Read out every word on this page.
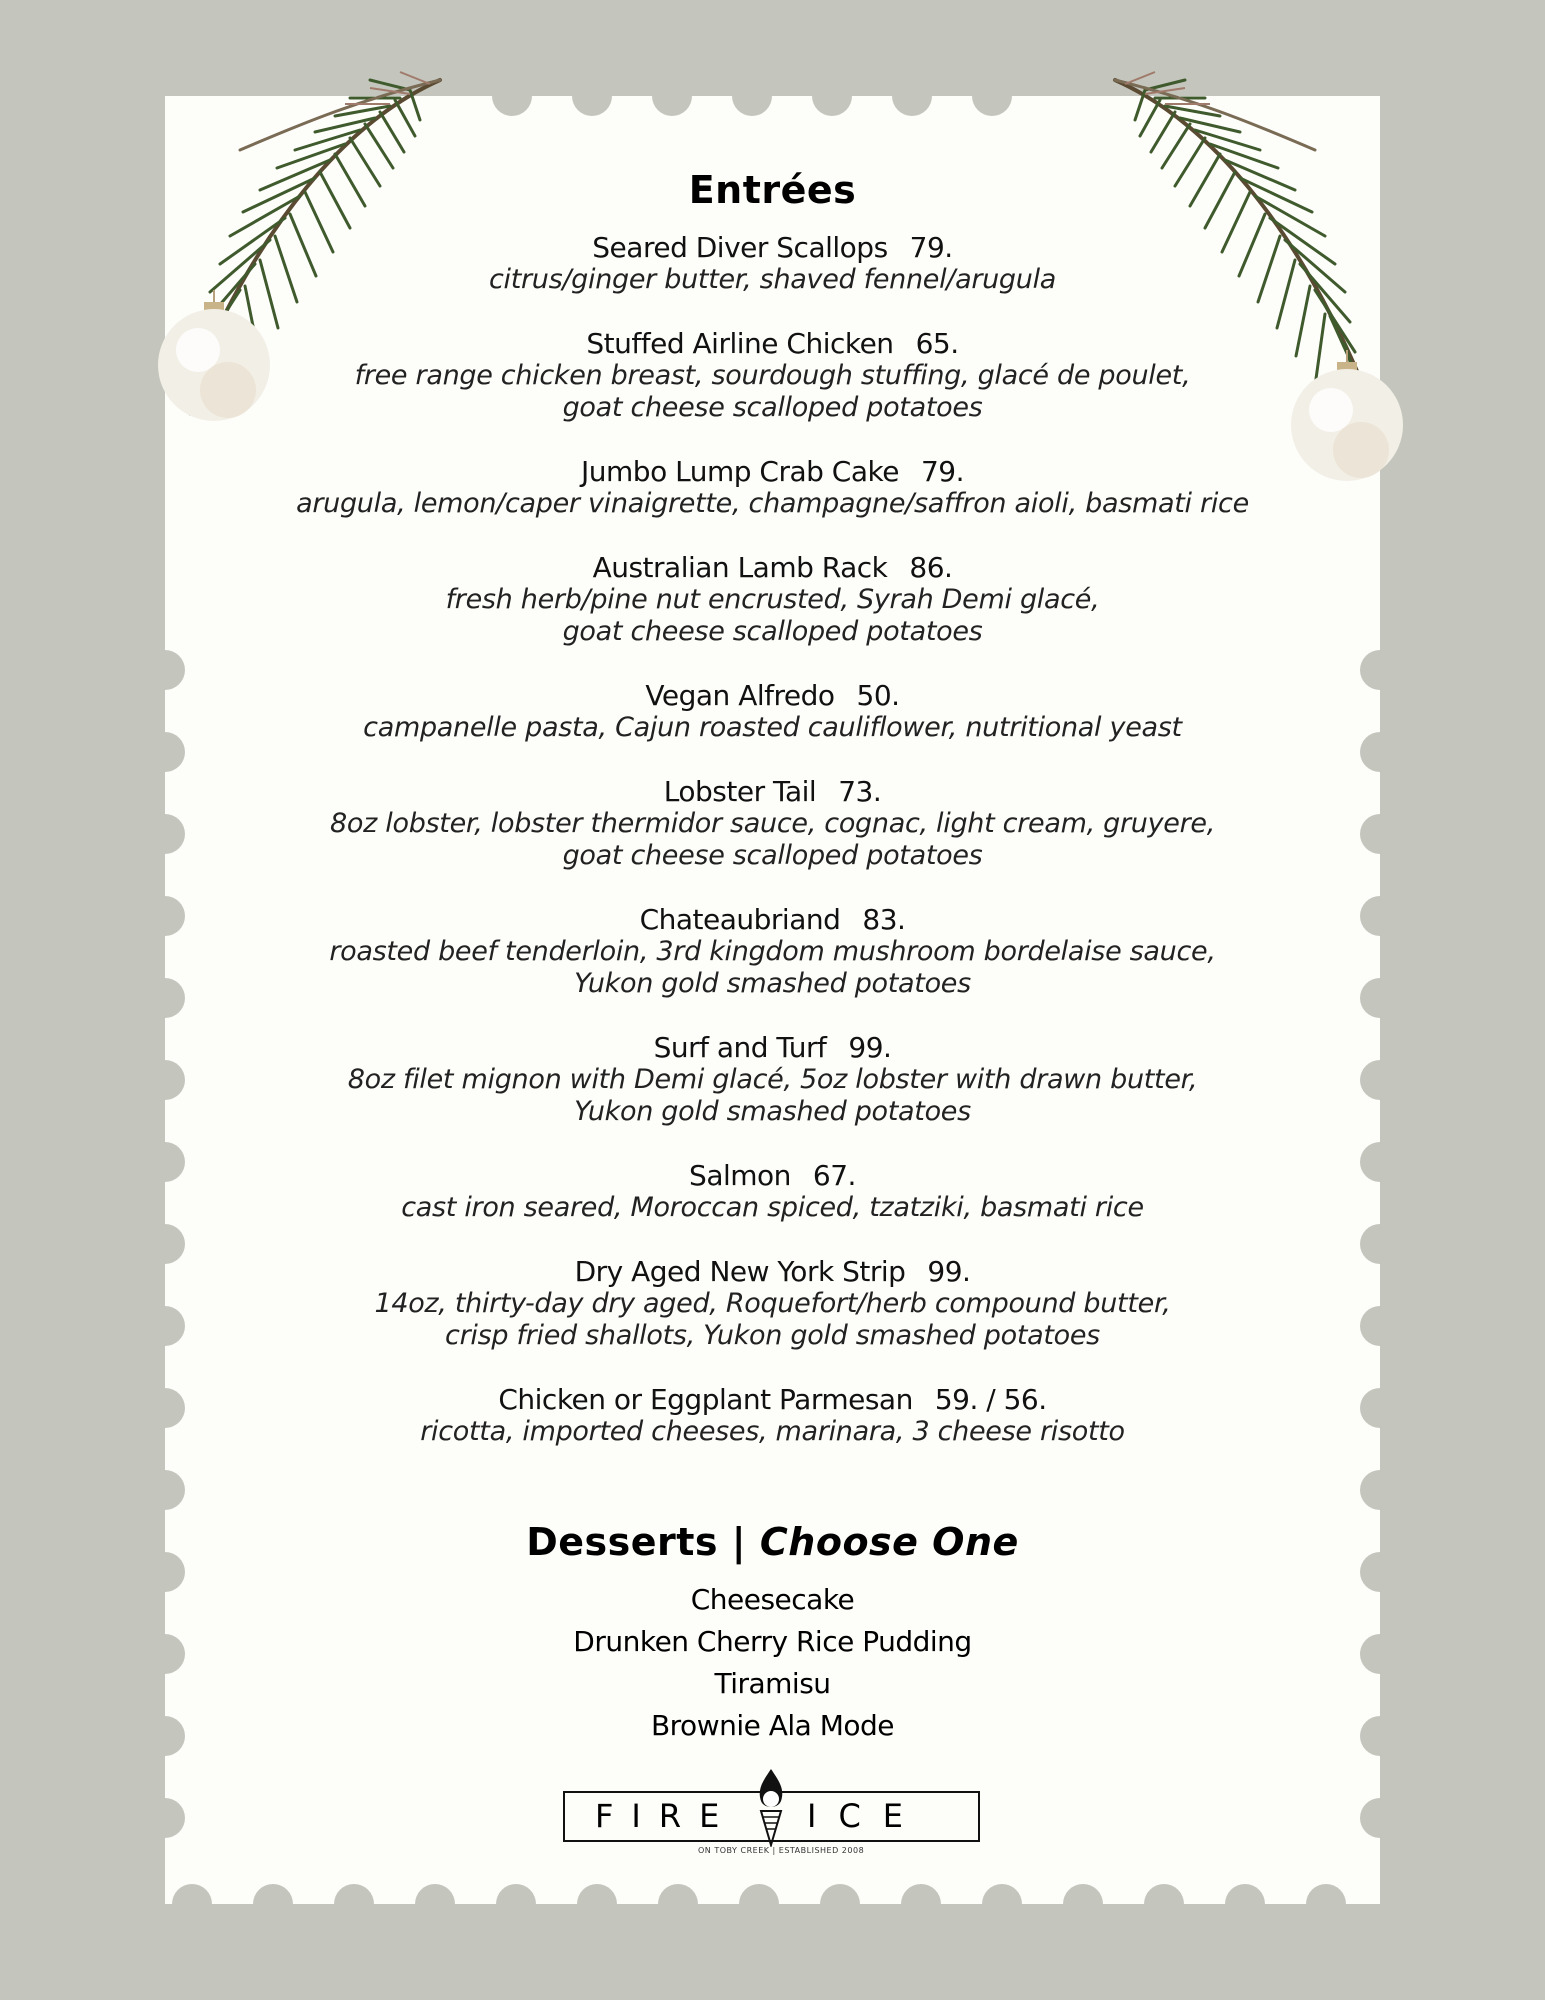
Entrées
Seared Diver Scallops 79.
citrus/ginger butter, shaved fennel/arugula
Stuffed Airline Chicken 65.
free range chicken breast, sourdough stuffing, glacé de poulet,
goat cheese scalloped potatoes
Jumbo Lump Crab Cake 79.
arugula, lemon/caper vinaigrette, champagne/saffron aioli, basmati rice
Australian Lamb Rack 86.
fresh herb/pine nut encrusted, Syrah Demi glacé,
goat cheese scalloped potatoes
Vegan Alfredo 50.
campanelle pasta, Cajun roasted cauliflower, nutritional yeast
Lobster Tail 73.
8oz lobster, lobster thermidor sauce, cognac, light cream, gruyere,
goat cheese scalloped potatoes
Chateaubriand 83.
roasted beef tenderloin, 3rd kingdom mushroom bordelaise sauce,
Yukon gold smashed potatoes
Surf and Turf 99.
8oz filet mignon with Demi glacé, 5oz lobster with drawn butter,
Yukon gold smashed potatoes
Salmon 67.
cast iron seared, Moroccan spiced, tzatziki, basmati rice
Dry Aged New York Strip 99.
14oz, thirty-day dry aged, Roquefort/herb compound butter,
crisp fried shallots, Yukon gold smashed potatoes
Chicken or Eggplant Parmesan 59. / 56.
ricotta, imported cheeses, marinara, 3 cheese risotto
Desserts | Choose One
Cheesecake
Drunken Cherry Rice Pudding
Tiramisu
Brownie Ala Mode
FIRE ICE
ON TOBY CREEK | ESTABLISHED 2008
